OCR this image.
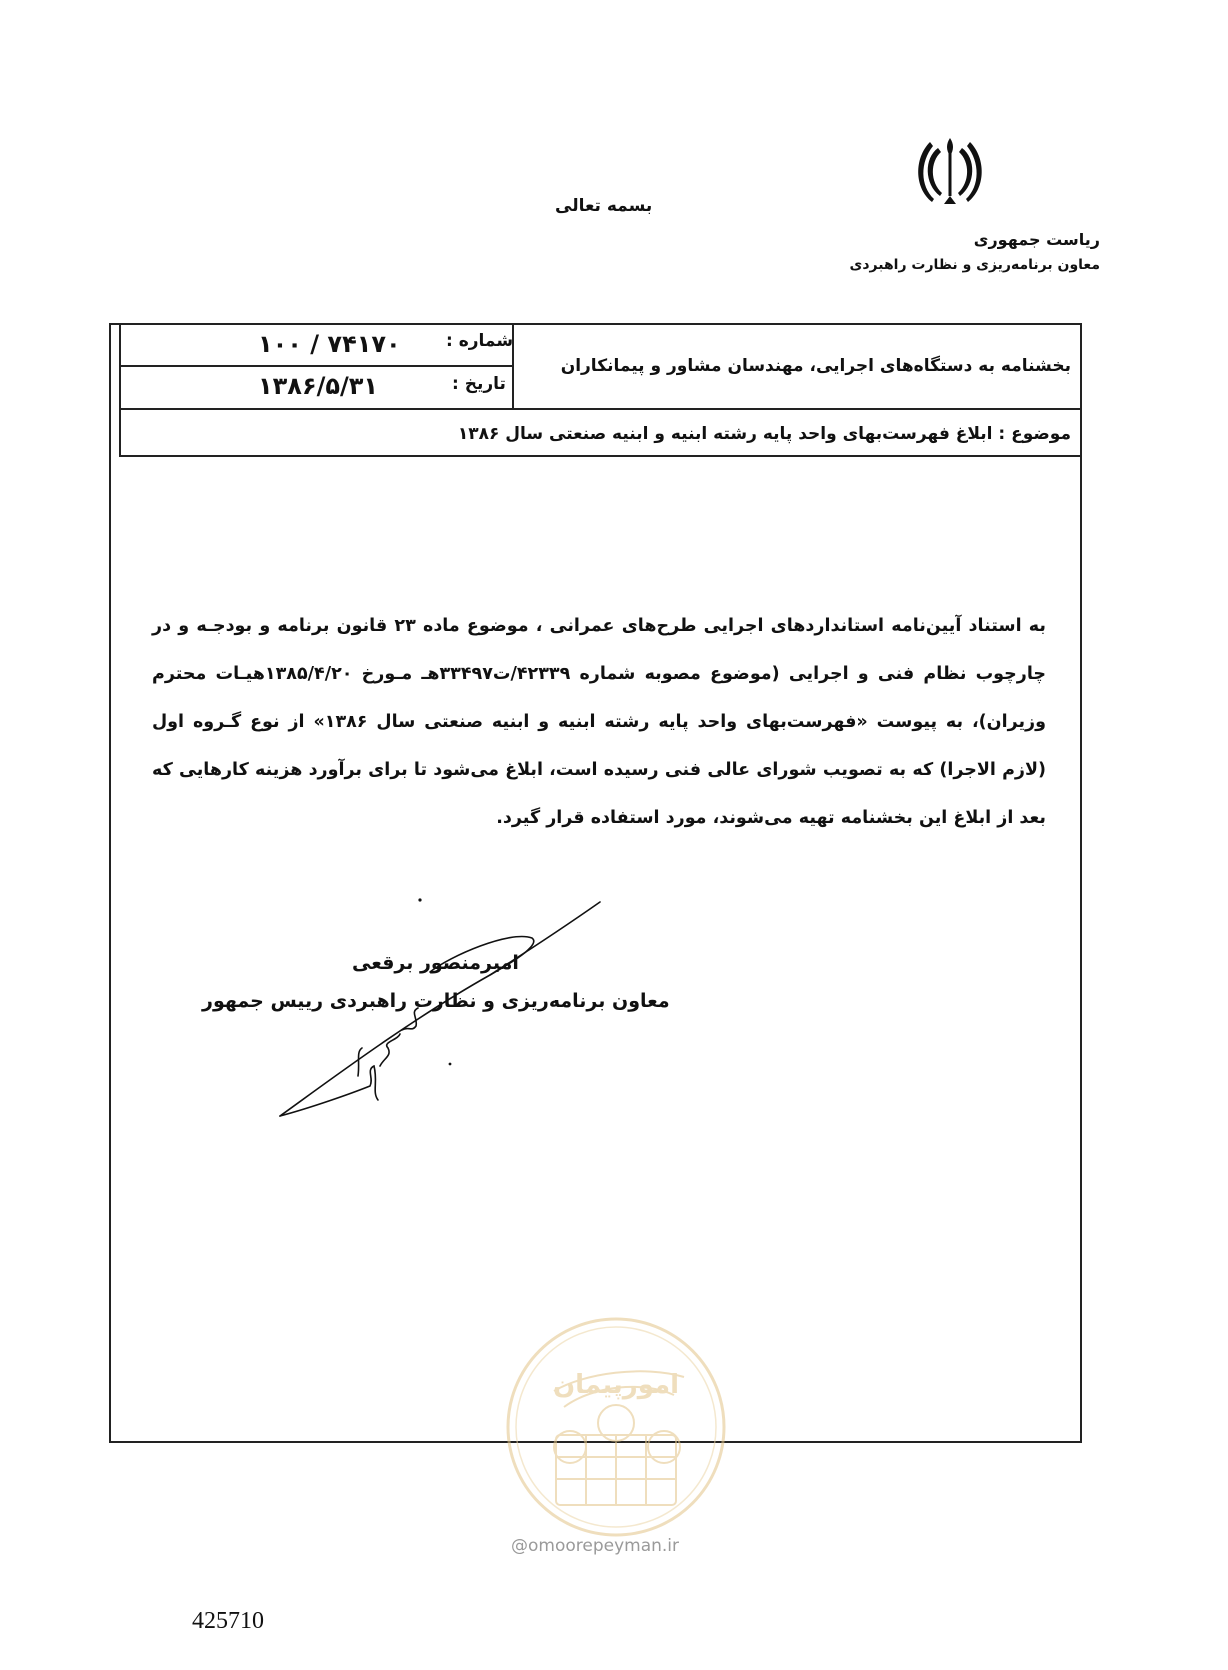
بسمه تعالی
ریاست جمهوری
معاون برنامه‌ریزی و نظارت راهبردی
شماره :
۱۰۰ / ۷۴۱۷۰
تاریخ :
۱۳۸۶/۵/۳۱
بخشنامه به دستگاه‌های اجرایی، مهندسان مشاور و پیمانکاران
موضوع : ابلاغ فهرست‌بهای واحد پایه رشته ابنیه و ابنیه صنعتی سال ۱۳۸۶
به استناد آیین‌نامه استانداردهای اجرایی طرح‌های عمرانی ، موضوع ماده ۲۳ قانون برنامه و بودجـه و در چارچوب نظام فنی و اجرایی (موضوع مصوبه شماره ۴۲۳۳۹/ت۳۳۴۹۷هـ مـورخ ۱۳۸۵/۴/۲۰هیـات محترم وزیران)، به پیوست «فهرست‌بهای واحد پایه رشته ابنیه و ابنیه صنعتی سال ۱۳۸۶» از نوع گـروه اول (لازم الاجرا) که به تصویب شورای عالی فنی رسیده است، ابلاغ می‌شود تا برای برآورد هزینه کارهایی که بعد از ابلاغ این بخشنامه تهیه می‌شوند، مورد استفاده قرار گیرد.
امیرمنصور برقعی
معاون برنامه‌ریزی و نظارت راهبردی رییس جمهور
امورپیمان
@omoorepeyman.ir
425710
